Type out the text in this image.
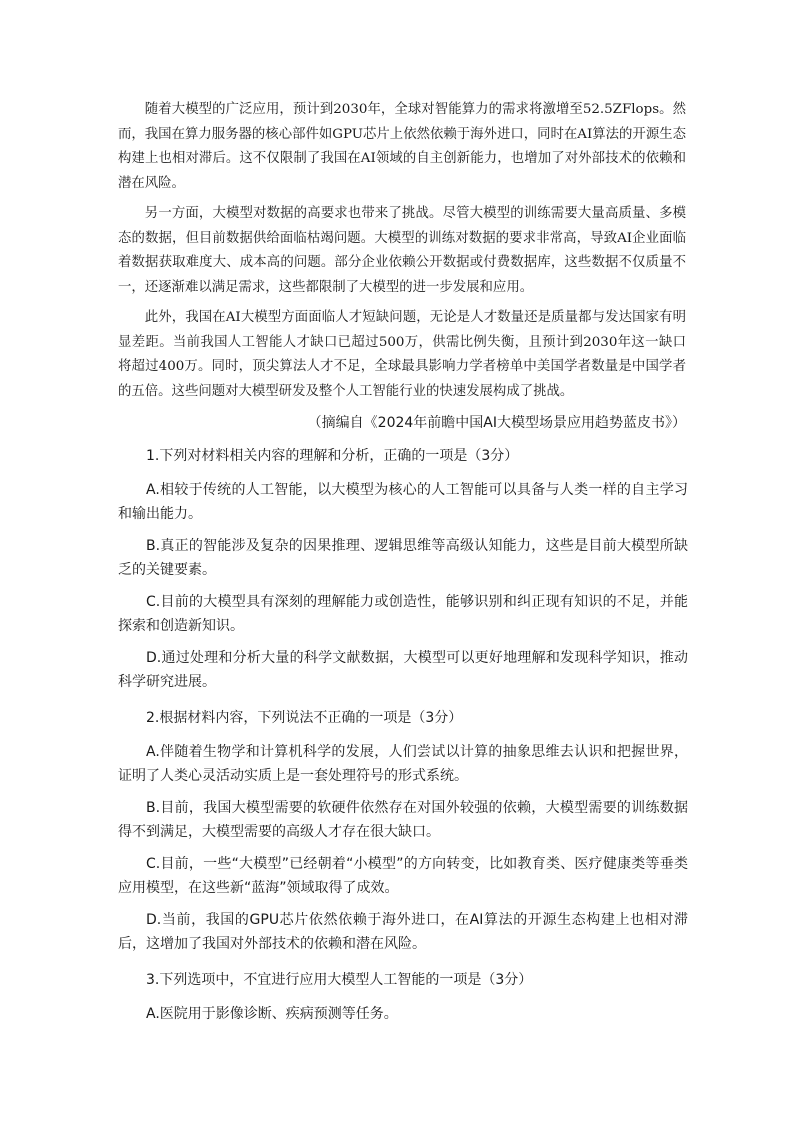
随着大模型的广泛应用，预计到2030年，全球对智能算力的需求将激增至52.5ZFlops。然而，我国在算力服务器的核心部件如GPU芯片上依然依赖于海外进口，同时在AI算法的开源生态构建上也相对滞后。这不仅限制了我国在AI领域的自主创新能力，也增加了对外部技术的依赖和潜在风险。

另一方面，大模型对数据的高要求也带来了挑战。尽管大模型的训练需要大量高质量、多模态的数据，但目前数据供给面临枯竭问题。大模型的训练对数据的要求非常高，导致AI企业面临着数据获取难度大、成本高的问题。部分企业依赖公开数据或付费数据库，这些数据不仅质量不一，还逐渐难以满足需求，这些都限制了大模型的进一步发展和应用。

此外，我国在AI大模型方面面临人才短缺问题，无论是人才数量还是质量都与发达国家有明显差距。当前我国人工智能人才缺口已超过500万，供需比例失衡，且预计到2030年这一缺口将超过400万。同时，顶尖算法人才不足，全球最具影响力学者榜单中美国学者数量是中国学者的五倍。这些问题对大模型研发及整个人工智能行业的快速发展构成了挑战。

（摘编自《2024年前瞻中国AI大模型场景应用趋势蓝皮书》）

1.下列对材料相关内容的理解和分析，正确的一项是（3分）

A.相较于传统的人工智能，以大模型为核心的人工智能可以具备与人类一样的自主学习和输出能力。

B.真正的智能涉及复杂的因果推理、逻辑思维等高级认知能力，这些是目前大模型所缺乏的关键要素。

C.目前的大模型具有深刻的理解能力或创造性，能够识别和纠正现有知识的不足，并能探索和创造新知识。

D.通过处理和分析大量的科学文献数据，大模型可以更好地理解和发现科学知识，推动科学研究进展。

2.根据材料内容，下列说法不正确的一项是（3分）

A.伴随着生物学和计算机科学的发展，人们尝试以计算的抽象思维去认识和把握世界，证明了人类心灵活动实质上是一套处理符号的形式系统。

B.目前，我国大模型需要的软硬件依然存在对国外较强的依赖，大模型需要的训练数据得不到满足，大模型需要的高级人才存在很大缺口。

C.目前，一些“大模型”已经朝着“小模型”的方向转变，比如教育类、医疗健康类等垂类应用模型，在这些新“蓝海”领域取得了成效。

D.当前，我国的GPU芯片依然依赖于海外进口，在AI算法的开源生态构建上也相对滞后，这增加了我国对外部技术的依赖和潜在风险。

3.下列选项中，不宜进行应用大模型人工智能的一项是（3分）

A.医院用于影像诊断、疾病预测等任务。
